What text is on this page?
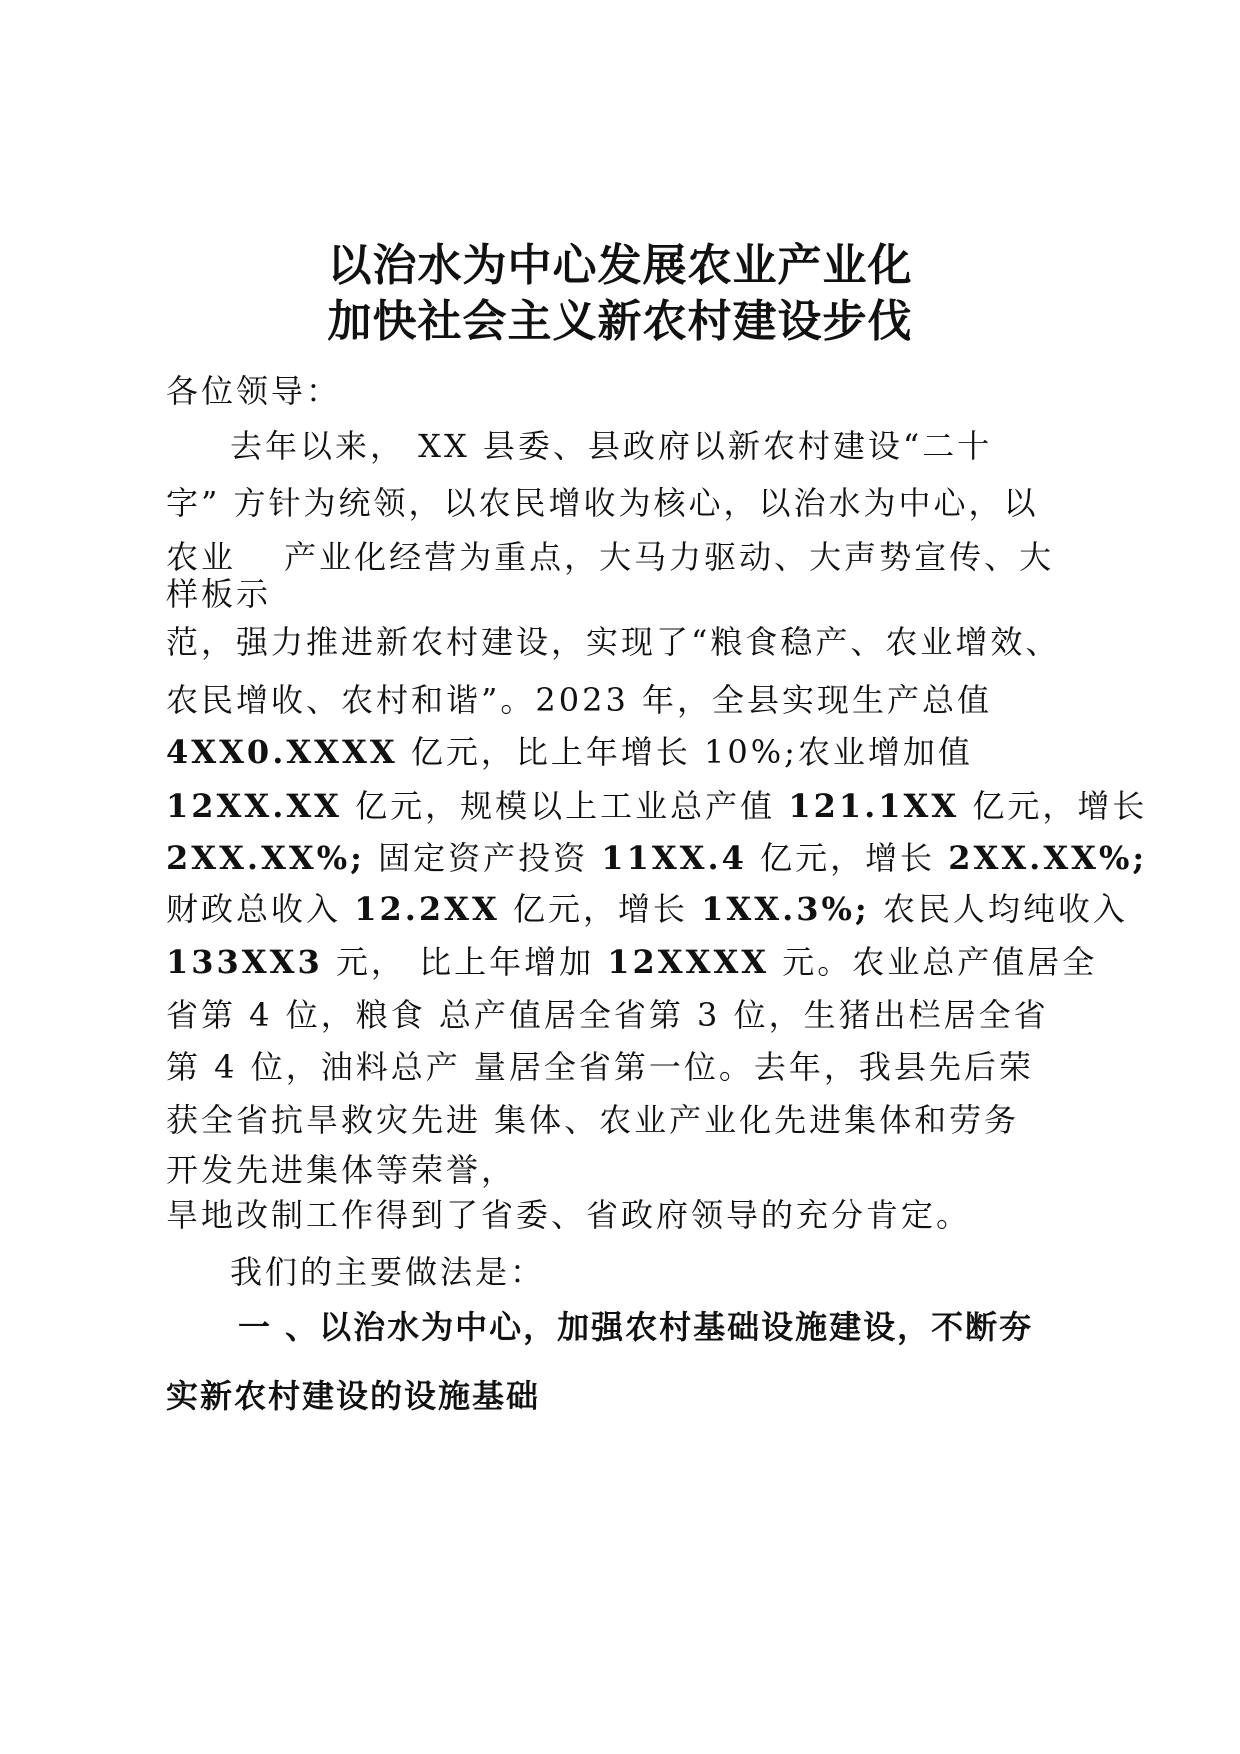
以治水为中心发展农业产业化
加快社会主义新农村建设步伐
各位领导：
去年以来， XX 县委、县政府以新农村建设“二十
字” 方针为统领，以农民增收为核心，以治水为中心，以
农业　 产业化经营为重点，大马力驱动、大声势宣传、大
样板示
范，强力推进新农村建设，实现了“粮食稳产、农业增效、
农民增收、农村和谐”。2023 年，全县实现生产总值
4XX0.XXXX 亿元，比上年增长 10%;农业增加值
12XX.XX 亿元，规模以上工业总产值 121.1XX 亿元，增长
2XX.XX%; 固定资产投资 11XX.4 亿元，增长 2XX.XX%;
财政总收入 12.2XX 亿元，增长 1XX.3%; 农民人均纯收入
133XX3 元， 比上年增加 12XXXX 元。农业总产值居全
省第 4 位，粮食 总产值居全省第 3 位，生猪出栏居全省
第 4 位，油料总产 量居全省第一位。去年，我县先后荣
获全省抗旱救灾先进 集体、农业产业化先进集体和劳务
开发先进集体等荣誉，
旱地改制工作得到了省委、省政府领导的充分肯定。
我们的主要做法是：
一 、以治水为中心，加强农村基础设施建设，不断夯
实新农村建设的设施基础
